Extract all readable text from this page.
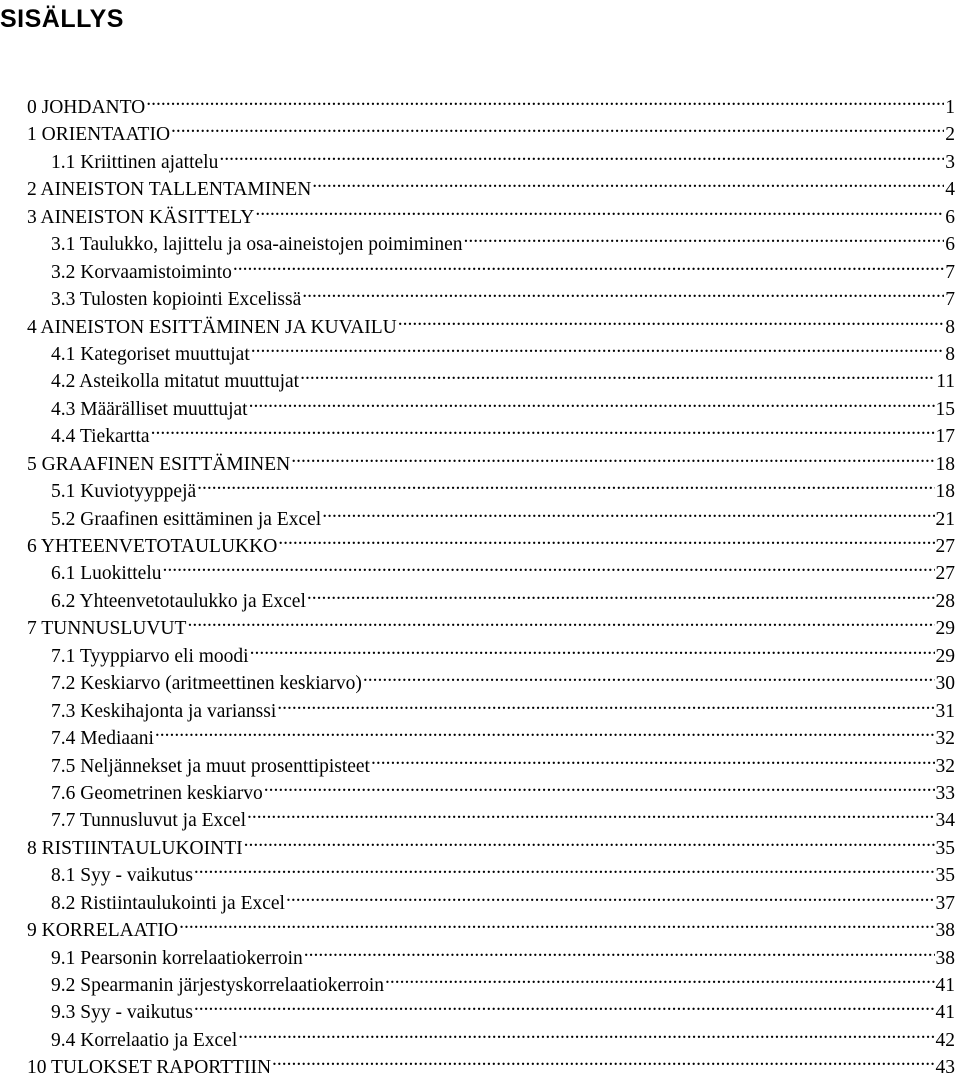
SISÄLLYS
0 JOHDANTO .....	1
1 ORIENTAATIO .....	2
1.1 Kriittinen ajattelu .....	3
2 AINEISTON TALLENTAMINEN .....	4
3 AINEISTON KÄSITTELY .....	6
3.1 Taulukko, lajittelu ja osa-aineistojen poimiminen .....	6
3.2 Korvaamistoiminto .....	7
3.3 Tulosten kopiointi Excelissä .....	7
4 AINEISTON ESITTÄMINEN JA KUVAILU .....	8
4.1 Kategoriset muuttujat .....	8
4.2 Asteikolla mitatut muuttujat .....	11
4.3 Määrälliset muuttujat .....	15
4.4 Tiekartta .....	17
5 GRAAFINEN ESITTÄMINEN .....	18
5.1 Kuviotyyppejä .....	18
5.2 Graafinen esittäminen ja Excel .....	21
6 YHTEENVETOTAULUKKO .....	27
6.1 Luokittelu .....	27
6.2 Yhteenvetotaulukko ja Excel .....	28
7 TUNNUSLUVUT .....	29
7.1 Tyyppiarvo eli moodi .....	29
7.2 Keskiarvo (aritmeettinen keskiarvo) .....	30
7.3 Keskihajonta ja varianssi .....	31
7.4 Mediaani .....	32
7.5 Neljännekset ja muut prosenttipisteet .....	32
7.6 Geometrinen keskiarvo .....	33
7.7 Tunnusluvut ja Excel .....	34
8 RISTIINTAULUKOINTI .....	35
8.1 Syy - vaikutus .....	35
8.2 Ristiintaulukointi ja Excel .....	37
9 KORRELAATIO .....	38
9.1 Pearsonin korrelaatiokerroin .....	38
9.2 Spearmanin järjestyskorrelaatiokerroin .....	41
9.3 Syy - vaikutus .....	41
9.4 Korrelaatio ja Excel .....	42
10 TULOKSET RAPORTTIIN .....	43
